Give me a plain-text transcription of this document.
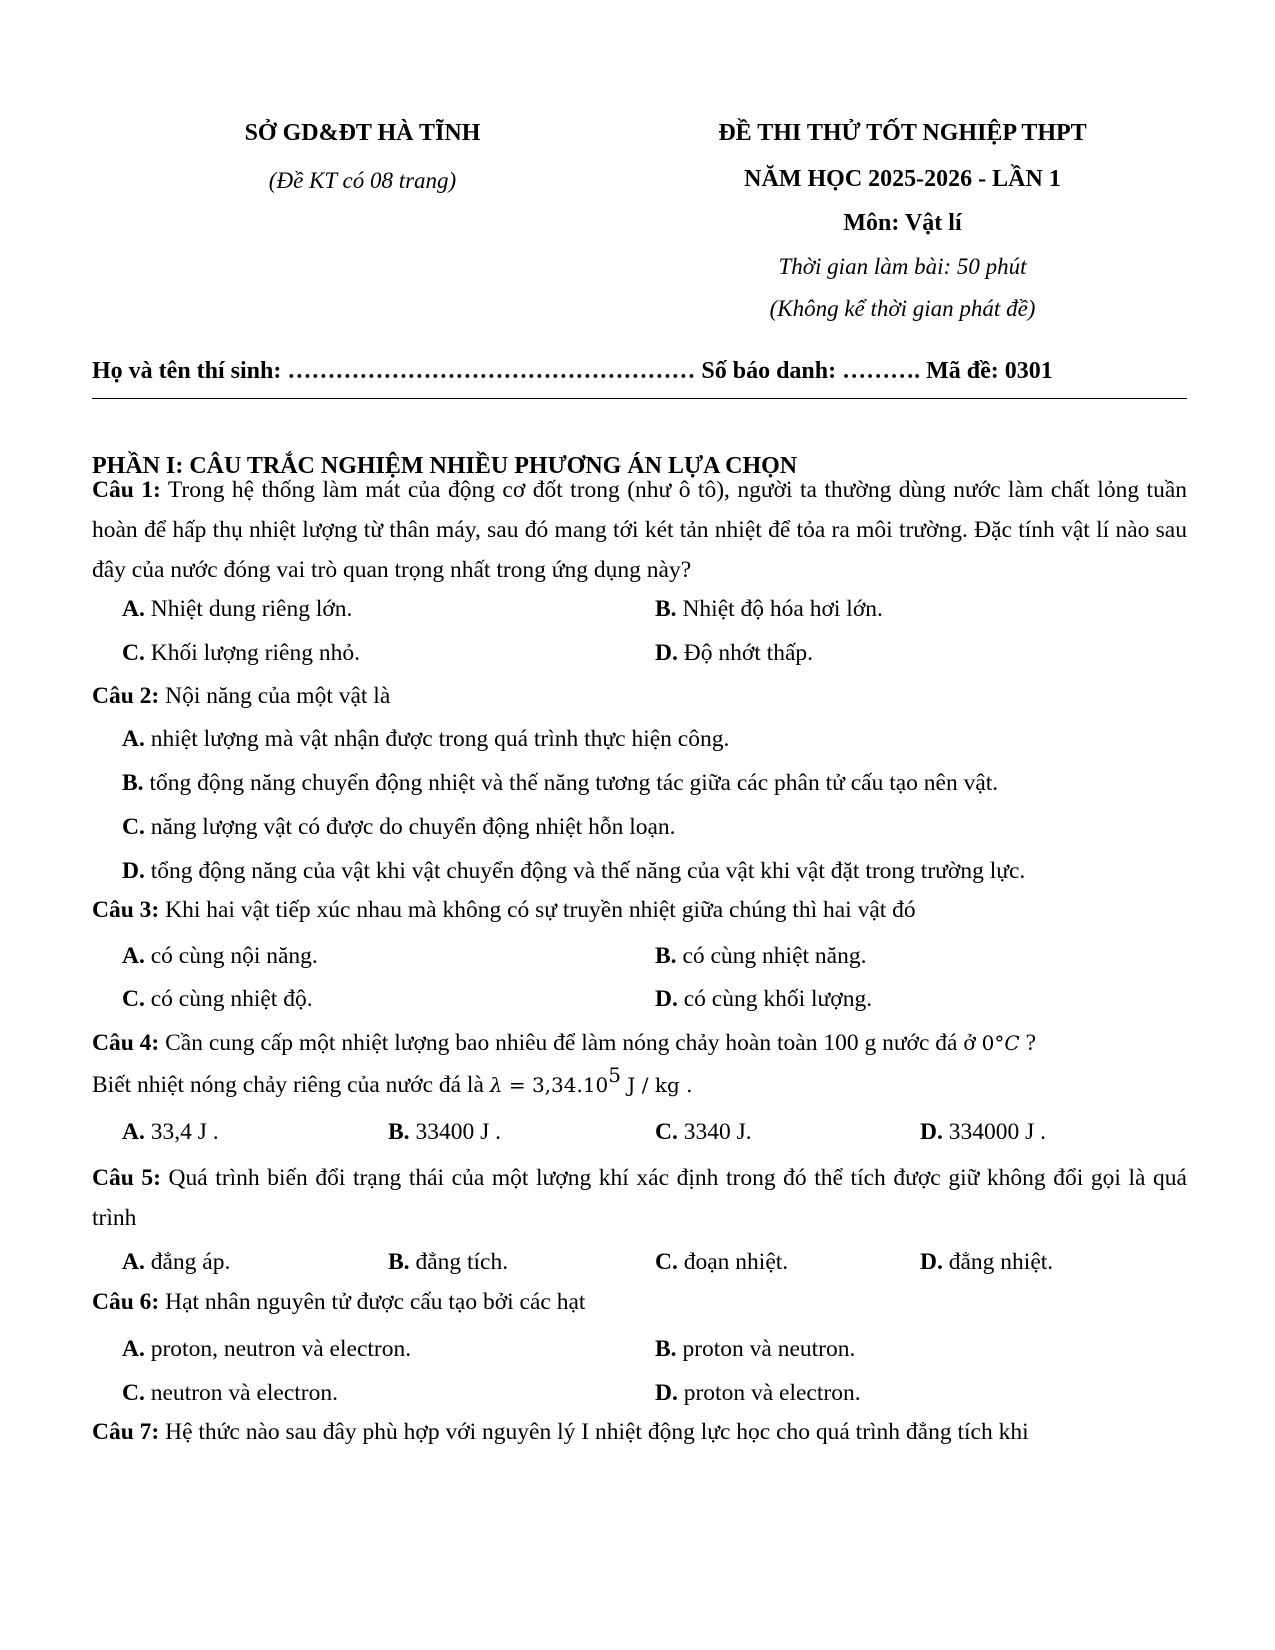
SỞ GD&ĐT HÀ TĨNH
(Đề KT có 08 trang)
ĐỀ THI THỬ TỐT NGHIỆP THPT
NĂM HỌC 2025-2026 - LẦN 1
Môn: Vật lí
Thời gian làm bài: 50 phút
(Không kể thời gian phát đề)
Họ và tên thí sinh: …………………………………………… Số báo danh: ………. Mã đề: 0301
PHẦN I: CÂU TRẮC NGHIỆM NHIỀU PHƯƠNG ÁN LỰA CHỌN
Câu 1: Trong hệ thống làm mát của động cơ đốt trong (như ô tô), người ta thường dùng nước làm chất lỏng tuần hoàn để hấp thụ nhiệt lượng từ thân máy, sau đó mang tới két tản nhiệt để tỏa ra môi trường. Đặc tính vật lí nào sau đây của nước đóng vai trò quan trọng nhất trong ứng dụng này?
A. Nhiệt dung riêng lớn.	B. Nhiệt độ hóa hơi lớn.
C. Khối lượng riêng nhỏ.	D. Độ nhớt thấp.
Câu 2: Nội năng của một vật là
A. nhiệt lượng mà vật nhận được trong quá trình thực hiện công.
B. tổng động năng chuyển động nhiệt và thế năng tương tác giữa các phân tử cấu tạo nên vật.
C. năng lượng vật có được do chuyển động nhiệt hỗn loạn.
D. tổng động năng của vật khi vật chuyển động và thế năng của vật khi vật đặt trong trường lực.
Câu 3: Khi hai vật tiếp xúc nhau mà không có sự truyền nhiệt giữa chúng thì hai vật đó
A. có cùng nội năng.	B. có cùng nhiệt năng.
C. có cùng nhiệt độ.	D. có cùng khối lượng.
Câu 4: Cần cung cấp một nhiệt lượng bao nhiêu để làm nóng chảy hoàn toàn 100 g nước đá ở 0°C ?
Biết nhiệt nóng chảy riêng của nước đá là $\lambda = 3,34.10^5$ J / kg .
A. 33,4 J .	B. 33400 J .	C. 3340 J.	D. 334000 J .
Câu 5: Quá trình biến đổi trạng thái của một lượng khí xác định trong đó thể tích được giữ không đổi gọi là quá trình
A. đẳng áp.	B. đẳng tích.	C. đoạn nhiệt.	D. đẳng nhiệt.
Câu 6: Hạt nhân nguyên tử được cấu tạo bởi các hạt
A. proton, neutron và electron.	B. proton và neutron.
C. neutron và electron.	D. proton và electron.
Câu 7: Hệ thức nào sau đây phù hợp với nguyên lý I nhiệt động lực học cho quá trình đẳng tích khi
